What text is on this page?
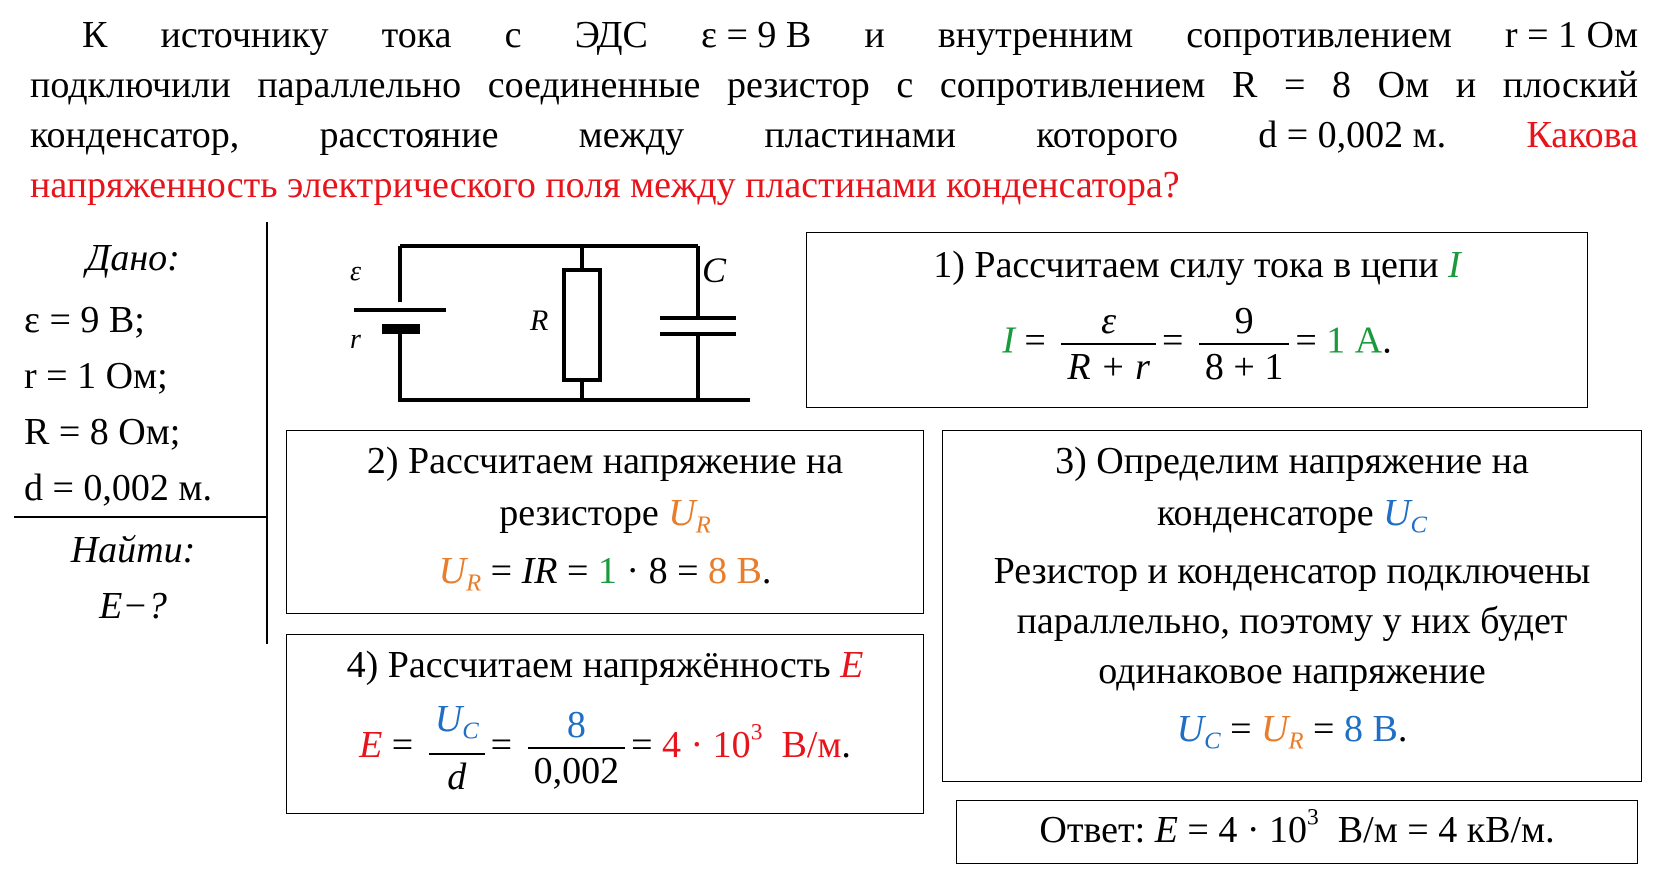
К источнику тока с ЭДС ε = 9 В и внутренним сопротивлением r = 1 Ом
подключили параллельно соединенные резистор с сопротивлением R = 8 Ом и плоский
конденсатор, расстояние между пластинами которого d = 0,002 м. Какова
напряженность электрического поля между пластинами конденсатора?
Дано:
ε = 9 В;
r = 1 Ом;
R = 8 Ом;
d = 0,002 м.
Найти:
E−?
ε
r
R
C	1) Рассчитаем силу тока в цепи I
$I = \frac{\varepsilon}{R + r} = \frac{9}{8 + 1} = 1$ А.
2) Рассчитаем напряжение на
резисторе $U_R$
$U_R$ = IR = 1 · 8 = 8 В.
3) Определим напряжение на
конденсаторе $U_C$
Резистор и конденсатор подключены
параллельно, поэтому у них будет
одинаковое напряжение
$U_C = U_R = 8$ В.
4) Рассчитаем напряжённость E
$E = \frac{U_C}{d} = \frac{8}{0,002} = 4 \cdot 10^3$ В/м.
Ответ: $E = 4 \cdot 10^3$ В/м = 4 кВ/м.
